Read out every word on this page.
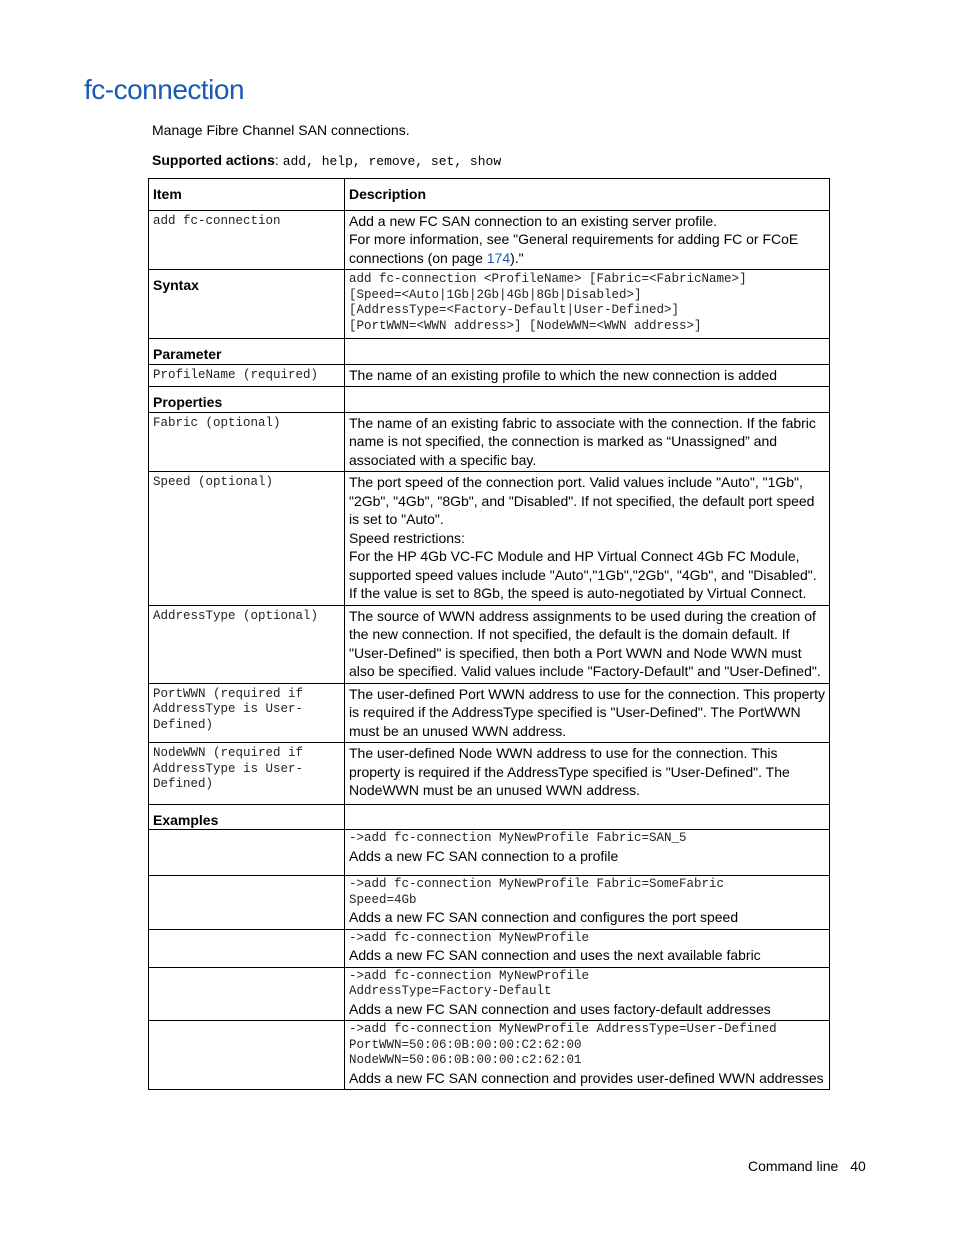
fc-connection
Manage Fibre Channel SAN connections.
Supported actions: add, help, remove, set, show
Item	Description
add fc-connection	Add a new FC SAN connection to an existing server profile.
For more information, see "General requirements for adding FC or FCoE connections (on page 174)."

Syntax	add fc-connection <ProfileName> [Fabric=<FabricName>]
[Speed=<Auto|1Gb|2Gb|4Gb|8Gb|Disabled>]
[AddressType=<Factory-Default|User-Defined>]
[PortWWN=<WWN address>] [NodeWWN=<WWN address>]

Parameter	
ProfileName (required)	The name of an existing profile to which the new connection is added
Properties	
Fabric (optional)	The name of an existing fabric to associate with the connection. If the fabric name is not specified, the connection is marked as “Unassigned” and associated with a specific bay.

Speed (optional)	The port speed of the connection port. Valid values include "Auto", "1Gb", "2Gb", "4Gb", "8Gb", and "Disabled". If not specified, the default port speed is set to "Auto".

Speed restrictions:

For the HP 4Gb VC-FC Module and HP Virtual Connect 4Gb FC Module, supported speed values include "Auto","1Gb","2Gb", "4Gb", and "Disabled". If the value is set to 8Gb, the speed is auto-negotiated by Virtual Connect.

AddressType (optional)	The source of WWN address assignments to be used during the creation of the new connection. If not specified, the default is the domain default. If "User-Defined" is specified, then both a Port WWN and Node WWN must also be specified. Valid values include "Factory-Default" and "User-Defined".

PortWWN (required if AddressType is User-Defined)	The user-defined Port WWN address to use for the connection. This property is required if the AddressType specified is "User-Defined". The PortWWN must be an unused WWN address.

NodeWWN (required if AddressType is User-Defined)	The user-defined Node WWN address to use for the connection. This property is required if the AddressType specified is "User-Defined". The NodeWWN must be an unused WWN address.

Examples	

	->add fc-connection MyNewProfile Fabric=SAN_5
Adds a new FC SAN connection to a profile

	->add fc-connection MyNewProfile Fabric=SomeFabric
Speed=4Gb
Adds a new FC SAN connection and configures the port speed

	->add fc-connection MyNewProfile
Adds a new FC SAN connection and uses the next available fabric

	->add fc-connection MyNewProfile
AddressType=Factory-Default
Adds a new FC SAN connection and uses factory-default addresses

	->add fc-connection MyNewProfile AddressType=User-Defined
PortWWN=50:06:0B:00:00:C2:62:00
NodeWWN=50:06:0B:00:00:c2:62:01
Adds a new FC SAN connection and provides user-defined WWN addresses
Command line 40
